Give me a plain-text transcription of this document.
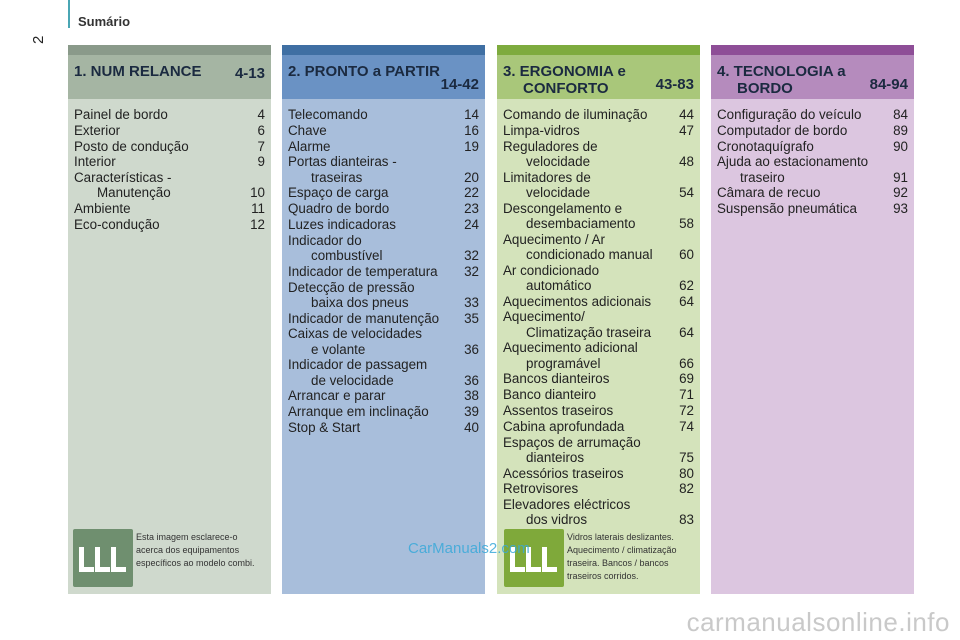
Sumário
2
1. NUM RELANCE 4-13
Painel de bordo	4
Exterior	6
Posto de condução	7
Interior	9
Características -
Manutenção	10
Ambiente	11
Eco-condução	12
Esta imagem esclarece-o acerca dos equipamentos específicos ao modelo combi.
2. PRONTO a PARTIR
14-42
Telecomando	14
Chave	16
Alarme	19
Portas dianteiras -
traseiras	20
Espaço de carga	22
Quadro de bordo	23
Luzes indicadoras	24
Indicador do
combustível	32
Indicador de temperatura	32
Detecção de pressão
baixa dos pneus	33
Indicador de manutenção	35
Caixas de velocidades
e volante	36
Indicador de passagem
de velocidade	36
Arrancar e parar	38
Arranque em inclinação	39
Stop & Start	40
3. ERGONOMIA e
CONFORTO	43-83
Comando de iluminação	44
Limpa-vidros	47
Reguladores de
velocidade	48
Limitadores de
velocidade	54
Descongelamento e
desembaciamento	58
Aquecimento / Ar
condicionado manual	60
Ar condicionado
automático	62
Aquecimentos adicionais	64
Aquecimento/
Climatização traseira	64
Aquecimento adicional
programável	66
Bancos dianteiros	69
Banco dianteiro	71
Assentos traseiros	72
Cabina aprofundada	74
Espaços de arrumação
dianteiros	75
Acessórios traseiros	80
Retrovisores	82
Elevadores eléctricos
dos vidros	83
Vidros laterais deslizantes. Aquecimento / climatização traseira. Bancos / bancos traseiros corridos.
4. TECNOLOGIA a
BORDO	84-94
Configuração do veículo	84
Computador de bordo	89
Cronotaquígrafo	90
Ajuda ao estacionamento
traseiro	91
Câmara de recuo	92
Suspensão pneumática	93
CarManuals2.com
carmanualsonline.info
